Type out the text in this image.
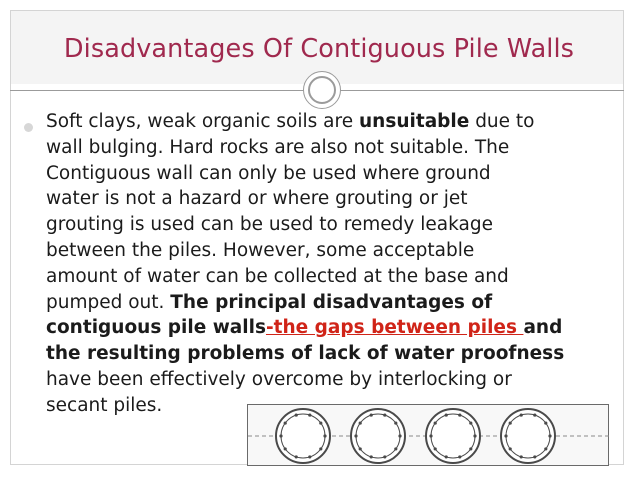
Disadvantages Of Contiguous Pile Walls
Soft clays, weak organic soils are unsuitable due to
wall bulging. Hard rocks are also not suitable. The
Contiguous wall can only be used where ground
water is not a hazard or where grouting or jet
grouting is used can be used to remedy leakage
between the piles. However, some acceptable
amount of water can be collected at the base and
pumped out. The principal disadvantages of
contiguous pile walls-the gaps between piles and
the resulting problems of lack of water proofness
have been effectively overcome by interlocking or
secant piles.
